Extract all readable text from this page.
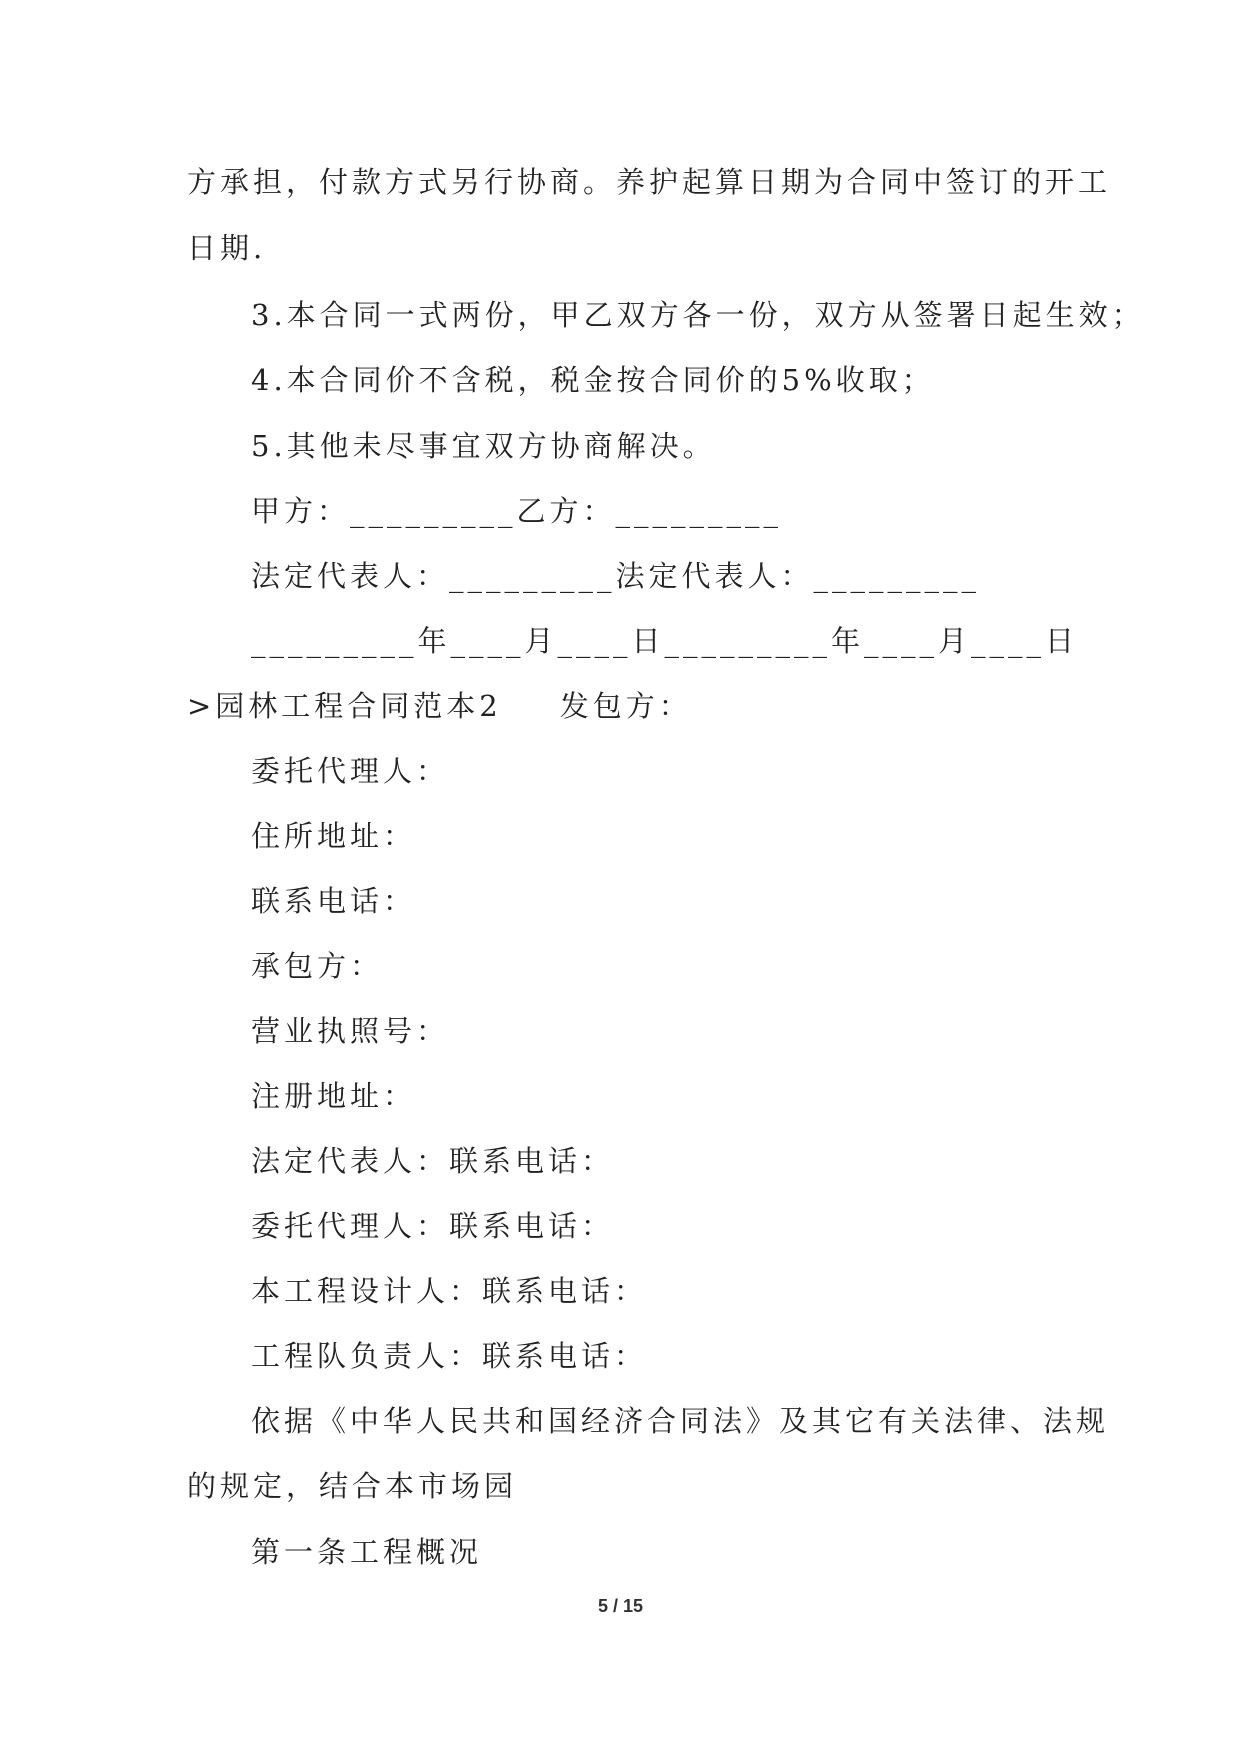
方承担，付款方式另行协商。养护起算日期为合同中签订的开工
日期.
3.本合同一式两份，甲乙双方各一份，双方从签署日起生效；
4.本合同价不含税，税金按合同价的5%收取；
5.其他未尽事宜双方协商解决。
甲方：_________乙方：_________
法定代表人：_________法定代表人：_________
_________年____月____日_________年____月____日
>园林工程合同范本2 发包方：
委托代理人：
住所地址：
联系电话：
承包方：
营业执照号：
注册地址：
法定代表人：联系电话：
委托代理人：联系电话：
本工程设计人：联系电话：
工程队负责人：联系电话：
依据《中华人民共和国经济合同法》及其它有关法律、法规
的规定，结合本市场园
第一条工程概况
5 / 15
